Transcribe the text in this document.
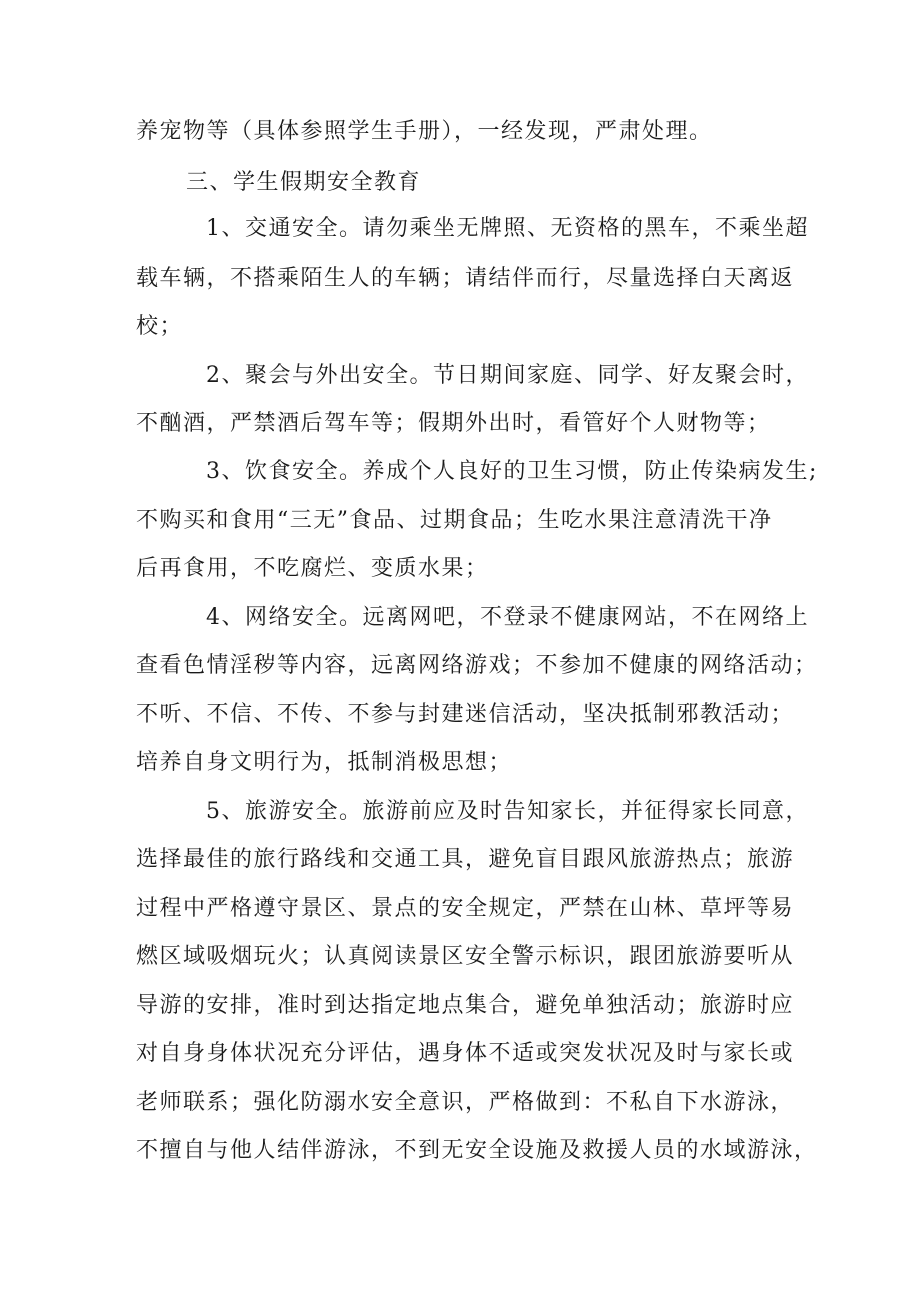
养宠物等（具体参照学生手册），一经发现，严肃处理。
三、学生假期安全教育
1、交通安全。请勿乘坐无牌照、无资格的黑车，不乘坐超
载车辆，不搭乘陌生人的车辆；请结伴而行，尽量选择白天离返
校；
2、聚会与外出安全。节日期间家庭、同学、好友聚会时，
不酗酒，严禁酒后驾车等；假期外出时，看管好个人财物等；
3、饮食安全。养成个人良好的卫生习惯，防止传染病发生;
不购买和食用“三无”食品、过期食品；生吃水果注意清洗干净
后再食用，不吃腐烂、变质水果；
4、网络安全。远离网吧，不登录不健康网站，不在网络上
查看色情淫秽等内容，远离网络游戏；不参加不健康的网络活动；
不听、不信、不传、不参与封建迷信活动，坚决抵制邪教活动；
培养自身文明行为，抵制消极思想；
5、旅游安全。旅游前应及时告知家长，并征得家长同意，
选择最佳的旅行路线和交通工具，避免盲目跟风旅游热点；旅游
过程中严格遵守景区、景点的安全规定，严禁在山林、草坪等易
燃区域吸烟玩火；认真阅读景区安全警示标识，跟团旅游要听从
导游的安排，准时到达指定地点集合，避免单独活动；旅游时应
对自身身体状况充分评估，遇身体不适或突发状况及时与家长或
老师联系；强化防溺水安全意识，严格做到：不私自下水游泳，
不擅自与他人结伴游泳，不到无安全设施及救援人员的水域游泳，
